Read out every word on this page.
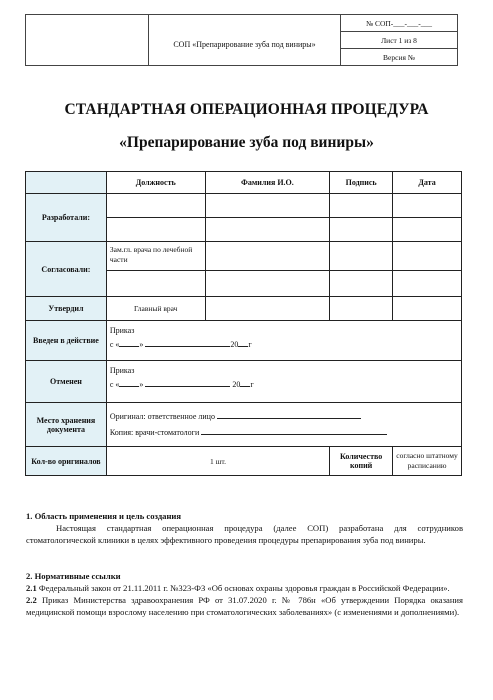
	СОП «Препарирование зуба под виниры»	№ СОП-___-___-___
Лист 1 из 8
Версия №
СТАНДАРТНАЯ ОПЕРАЦИОННАЯ ПРОЦЕДУРА
«Препарирование зуба под виниры»
	Должность	Фамилия И.О.	Подпись	Дата
Разработали:				

Согласовали:	Зам.гл. врача по лечебной части			

Утвердил	Главный врач			
Введен в действие	Приказ
с « » 20 г			

Отменен	Приказ
с « » 20 г			

Место хранения документа	Оригинал: ответственное лицо
Копия: врачи-стоматологи			

Кол-во оригиналов	1 шт.		Количество копий	согласно штатному расписанию
1. Область применения и цель создания
Настоящая стандартная операционная процедура (далее СОП) разработана для сотрудников стоматологической клиники в целях эффективного проведения процедуры препарирования зуба под виниры.
2. Нормативные ссылки
2.1 Федеральный закон от 21.11.2011 г. №323-ФЗ «Об основах охраны здоровья граждан в Российской Федерации».
2.2 Приказ Министерства здравоохранения РФ от 31.07.2020 г. № 786н «Об утверждении Порядка оказания медицинской помощи взрослому населению при стоматологических заболеваниях» (с изменениями и дополнениями).
